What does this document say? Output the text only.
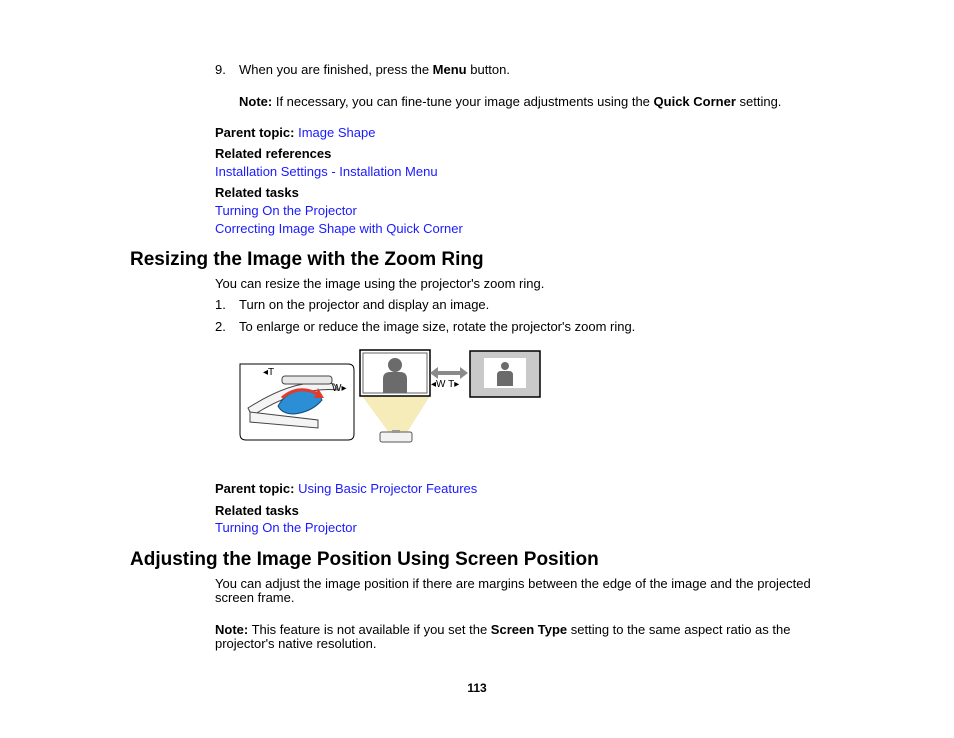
9. When you are finished, press the Menu button.
Note: If necessary, you can fine-tune your image adjustments using the Quick Corner setting.
Parent topic: Image Shape
Related references
Installation Settings - Installation Menu
Related tasks
Turning On the Projector
Correcting Image Shape with Quick Corner
Resizing the Image with the Zoom Ring
You can resize the image using the projector's zoom ring.
1. Turn on the projector and display an image.
2. To enlarge or reduce the image size, rotate the projector's zoom ring.
◂T
W▸	◂W T▸
Parent topic: Using Basic Projector Features
Related tasks
Turning On the Projector
Adjusting the Image Position Using Screen Position
You can adjust the image position if there are margins between the edge of the image and the projected
screen frame.
Note: This feature is not available if you set the Screen Type setting to the same aspect ratio as the
projector's native resolution.
113
